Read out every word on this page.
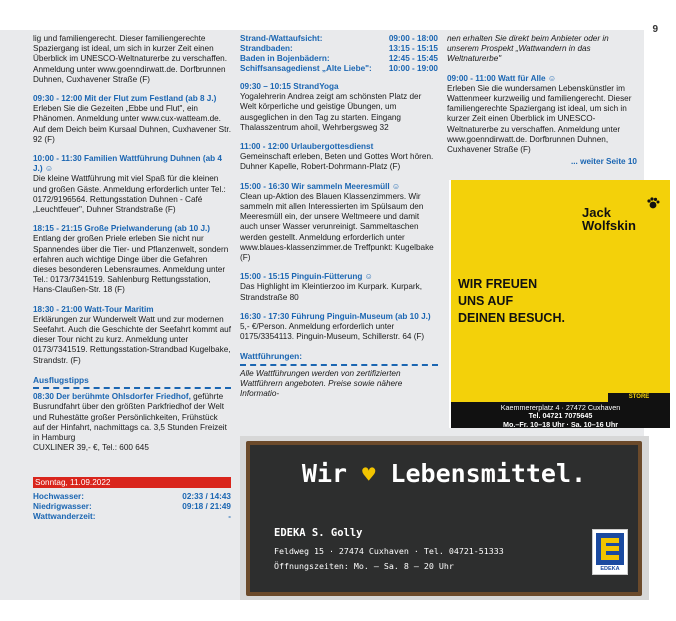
9
lig und familiengerecht. Dieser familiengerechte Spaziergang ist ideal, um sich in kurzer Zeit einen Überblick im UNESCO-Weltnaturerbe zu verschaffen. Anmeldung unter www.goenndirwatt.de. Dorfbrunnen Duhnen, Cuxhavener Straße (F)
09:30 - 12:00 Mit der Flut zum Festland (ab 8 J.)
Erleben Sie die Gezeiten „Ebbe und Flut", ein Phänomen. Anmeldung unter www.cux-watteam.de. Auf dem Deich beim Kursaal Duhnen, Cuxhavener Str. 92 (F)
10:00 - 11:30 Familien Wattführung Duhnen (ab 4 J.) ☺
Die kleine Wattführung mit viel Spaß für die kleinen und großen Gäste. Anmeldung erforderlich unter Tel.: 0172/9196564. Rettungsstation Duhnen - Café „Leuchtfeuer", Duhner Strandstraße (F)
18:15 - 21:15 Große Prielwanderung (ab 10 J.)
Entlang der großen Priele erleben Sie nicht nur Spannendes über die Tier- und Pflanzenwelt, sondern erfahren auch wichtige Dinge über die Gefahren dieses besonderen Lebensraumes. Anmeldung unter Tel.: 0173/7341519. Sahlenburg Rettungsstation, Hans-Claußen-Str. 18 (F)
18:30 - 21:00 Watt-Tour Maritim
Erklärungen zur Wunderwelt Watt und zur modernen Seefahrt. Auch die Geschichte der Seefahrt kommt auf dieser Tour nicht zu kurz. Anmeldung unter 0173/7341519. Rettungsstation-Strandbad Kugelbake, Strandstr. (F)
Ausflugstipps
08:30 Der berühmte Ohlsdorfer Friedhof, geführte Busrundfahrt über den größten Parkfriedhof der Welt und Ruhestätte großer Persönlichkeiten, Frühstück auf der Hinfahrt, nachmittags ca. 3,5 Stunden Freizeit in Hamburg
CUXLINER 39,- €, Tel.: 600 645
Sonntag, 11.09.2022
Hochwasser:	02:33 / 14:43
Niedrigwasser:	09:18 / 21:49
Wattwanderzeit:	-
Strand-/Wattaufsicht:	09:00 - 18:00
Strandbaden:	13:15 - 15:15
Baden in Bojenbädern:	12:45 - 15:45
Schiffsansagedienst „Alte Liebe":	10:00 - 19:00
09:30 – 10:15 StrandYoga
Yogalehrerin Andrea zeigt am schönsten Platz der Welt körperliche und geistige Übungen, um ausgeglichen in den Tag zu starten. Eingang Thalasszentrum ahoil, Wehrbergsweg 32
11:00 - 12:00 Urlaubergottesdienst
Gemeinschaft erleben, Beten und Gottes Wort hören. Duhner Kapelle, Robert-Dohrmann-Platz (F)
15:00 - 16:30 Wir sammeln Meeresmüll ☺
Clean up-Aktion des Blauen Klassenzimmers. Wir sammeln mit allen Interessierten im Spülsaum den Meeresmüll ein, der unsere Weltmeere und damit auch unser Wasser verunreinigt. Sammeltaschen werden gestellt. Anmeldung erforderlich unter www.blaues-klassenzimmer.de Treffpunkt: Kugelbake (F)
15:00 - 15:15 Pinguin-Fütterung ☺
Das Highlight im Kleintierzoo im Kurpark. Kurpark, Strandstraße 80
16:30 - 17:30 Führung Pinguin-Museum (ab 10 J.)
5,- €/Person. Anmeldung erforderlich unter 0175/3354113. Pinguin-Museum, Schillerstr. 64 (F)
Wattführungen:
Alle Wattführungen werden von zertifizierten Wattführern angeboten. Preise sowie nähere Informatio-
nen erhalten Sie direkt beim Anbieter oder in unserem Prospekt „Wattwandern in das Weltnaturerbe"
09:00 - 11:00 Watt für Alle ☺
Erleben Sie die wundersamen Lebenskünstler im Wattenmeer kurzweilig und familiengerecht. Dieser familiengerechte Spaziergang ist ideal, um sich in kurzer Zeit einen Überblick im UNESCO-Weltnaturerbe zu verschaffen. Anmeldung unter www.goenndirwatt.de. Dorfbrunnen Duhnen, Cuxhavener Straße (F)
... weiter Seite 10
Jack
Wolfskin
WIR FREUEN
UNS AUF
DEINEN BESUCH.
STORE
Kaemmererplatz 4 · 27472 Cuxhaven
Tel. 04721 7075645
Mo.–Fr. 10–18 Uhr · Sa. 10–16 Uhr
Wir ♥ Lebensmittel.
EDEKA S. Golly
Feldweg 15 · 27474 Cuxhaven · Tel. 04721-51333
Öffnungszeiten: Mo. – Sa. 8 – 20 Uhr	EDEKA
